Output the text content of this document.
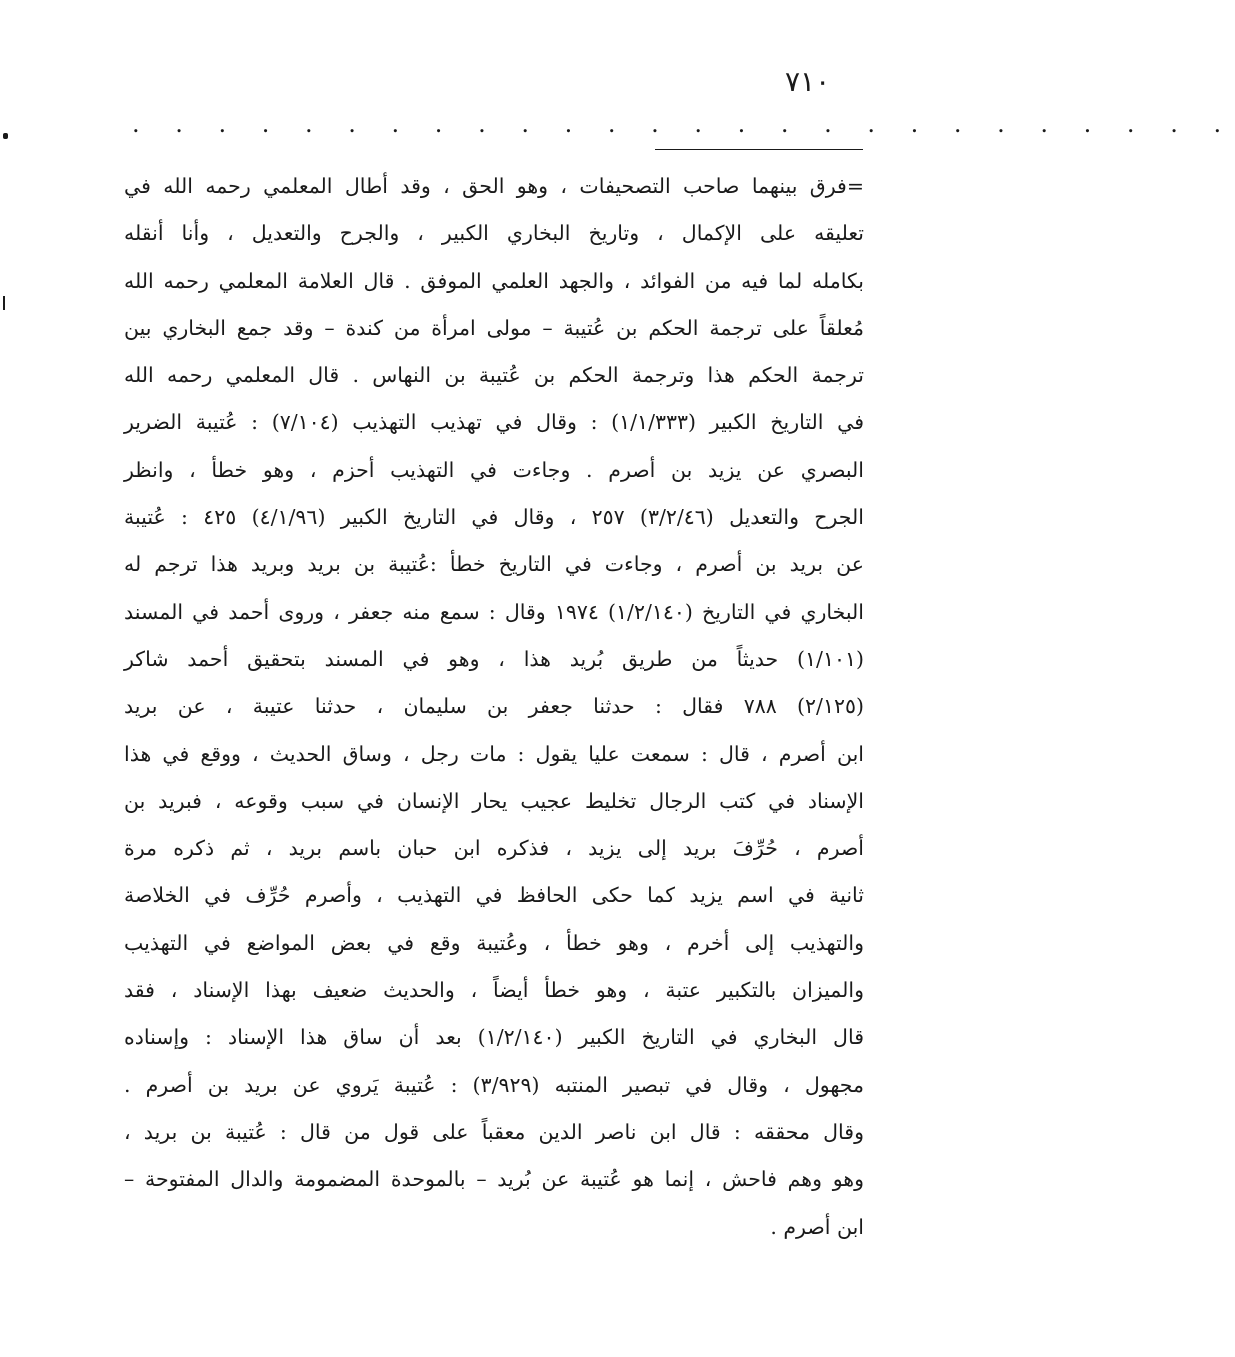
٧١٠
. . . . . . . . . . . . . . . . . . . . . . . . . .
=فرق بينهما صاحب التصحيفات ، وهو الحق ، وقد أطال المعلمي رحمه الله في
تعليقه على الإكمال ، وتاريخ البخاري الكبير ، والجرح والتعديل ، وأنا أنقله
بكامله لما فيه من الفوائد ، والجهد العلمي الموفق . قال العلامة المعلمي رحمه الله
مُعلقاً على ترجمة الحكم بن عُتيبة – مولى امرأة من كندة – وقد جمع البخاري بين
ترجمة الحكم هذا وترجمة الحكم بن عُتيبة بن النهاس . قال المعلمي رحمه الله
في التاريخ الكبير (١/١/٣٣٣) : وقال في تهذيب التهذيب (٧/١٠٤) : عُتيبة الضرير
البصري عن يزيد بن أصرم . وجاءت في التهذيب أحزم ، وهو خطأ ، وانظر
الجرح والتعديل (٣/٢/٤٦) ٢٥٧ ، وقال في التاريخ الكبير (٤/١/٩٦) ٤٢٥ : عُتيبة
عن بريد بن أصرم ، وجاءت في التاريخ خطأ :عُتيبة بن بريد وبريد هذا ترجم له
البخاري في التاريخ (١/٢/١٤٠) ١٩٧٤ وقال : سمع منه جعفر ، وروى أحمد في المسند
(١/١٠١) حديثاً من طريق بُريد هذا ، وهو في المسند بتحقيق أحمد شاكر
(٢/١٢٥) ٧٨٨ فقال : حدثنا جعفر بن سليمان ، حدثنا عتيبة ، عن بريد
ابن أصرم ، قال : سمعت عليا يقول : مات رجل ، وساق الحديث ، ووقع في هذا
الإسناد في كتب الرجال تخليط عجيب يحار الإنسان في سبب وقوعه ، فبريد بن
أصرم ، حُرِّفَ بريد إلى يزيد ، فذكره ابن حبان باسم بريد ، ثم ذكره مرة
ثانية في اسم يزيد كما حكى الحافظ في التهذيب ، وأصرم حُرِّف في الخلاصة
والتهذيب إلى أخرم ، وهو خطأ ، وعُتيبة وقع في بعض المواضع في التهذيب
والميزان بالتكبير عتبة ، وهو خطأ أيضاً ، والحديث ضعيف بهذا الإسناد ، فقد
قال البخاري في التاريخ الكبير (١/٢/١٤٠) بعد أن ساق هذا الإسناد : وإسناده
مجهول ، وقال في تبصير المنتبه (٣/٩٢٩) : عُتيبة يَروي عن بريد بن أصرم .
وقال محققه : قال ابن ناصر الدين معقباً على قول من قال : عُتيبة بن بريد ،
وهو وهم فاحش ، إنما هو عُتيبة عن بُريد – بالموحدة المضمومة والدال المفتوحة –
ابن أصرم .
